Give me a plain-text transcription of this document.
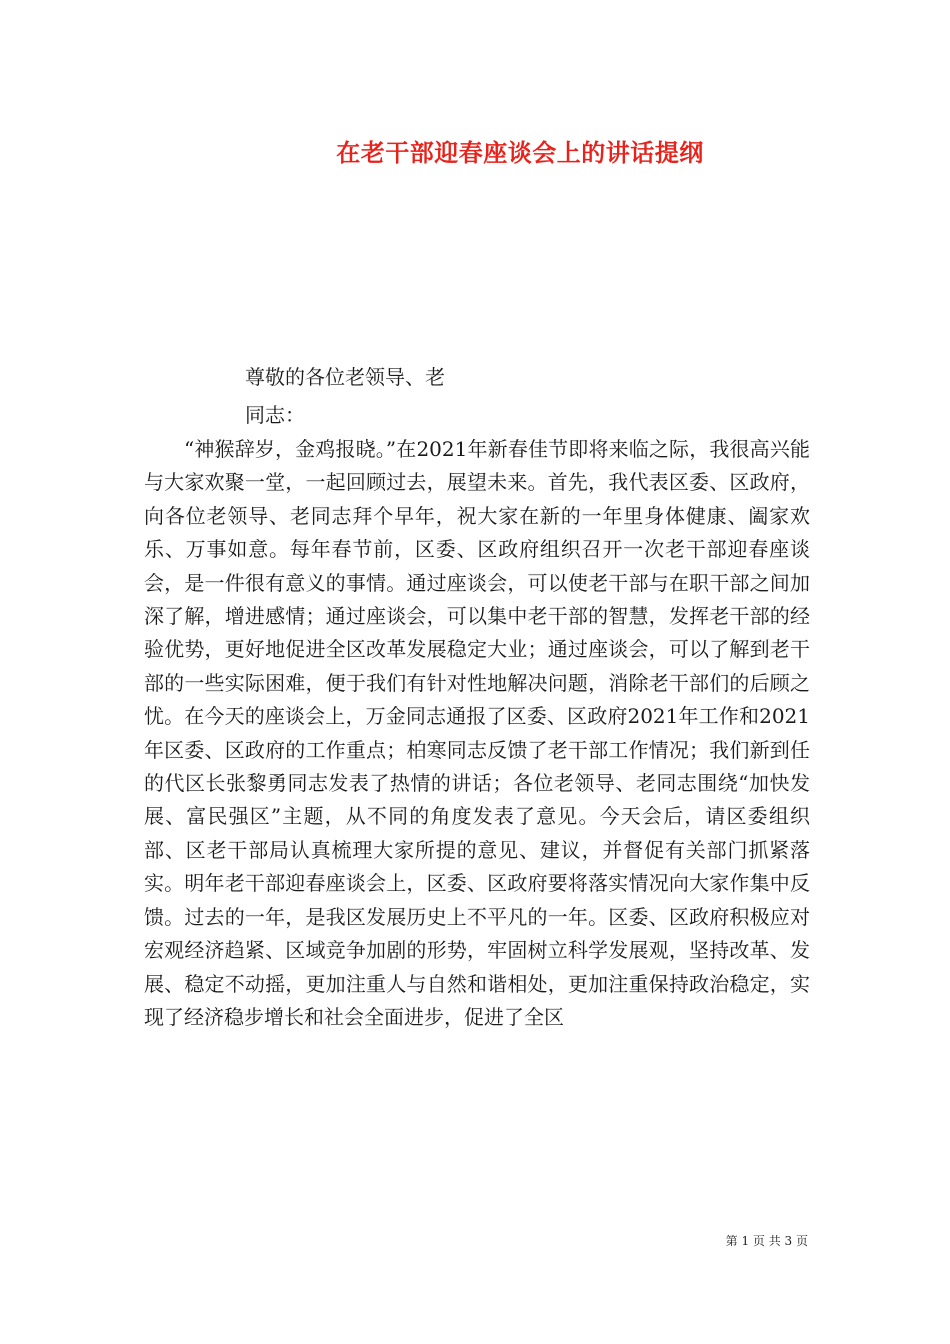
在老干部迎春座谈会上的讲话提纲

尊敬的各位老领导、老

同志：

“神猴辞岁，金鸡报晓。”在2021年新春佳节即将来临之际，我很高兴能与大家欢聚一堂，一起回顾过去，展望未来。首先，我代表区委、区政府，向各位老领导、老同志拜个早年，祝大家在新的一年里身体健康、阖家欢乐、万事如意。每年春节前，区委、区政府组织召开一次老干部迎春座谈会，是一件很有意义的事情。通过座谈会，可以使老干部与在职干部之间加深了解，增进感情；通过座谈会，可以集中老干部的智慧，发挥老干部的经验优势，更好地促进全区改革发展稳定大业；通过座谈会，可以了解到老干部的一些实际困难，便于我们有针对性地解决问题，消除老干部们的后顾之忧。在今天的座谈会上，万金同志通报了区委、区政府2021年工作和2021年区委、区政府的工作重点；柏寒同志反馈了老干部工作情况；我们新到任的代区长张黎勇同志发表了热情的讲话；各位老领导、老同志围绕“加快发展、富民强区”主题，从不同的角度发表了意见。今天会后，请区委组织部、区老干部局认真梳理大家所提的意见、建议，并督促有关部门抓紧落实。明年老干部迎春座谈会上，区委、区政府要将落实情况向大家作集中反馈。过去的一年，是我区发展历史上不平凡的一年。区委、区政府积极应对宏观经济趋紧、区域竞争加剧的形势，牢固树立科学发展观，坚持改革、发展、稳定不动摇，更加注重人与自然和谐相处，更加注重保持政治稳定，实现了经济稳步增长和社会全面进步，促进了全区

第 1 页 共 3 页
